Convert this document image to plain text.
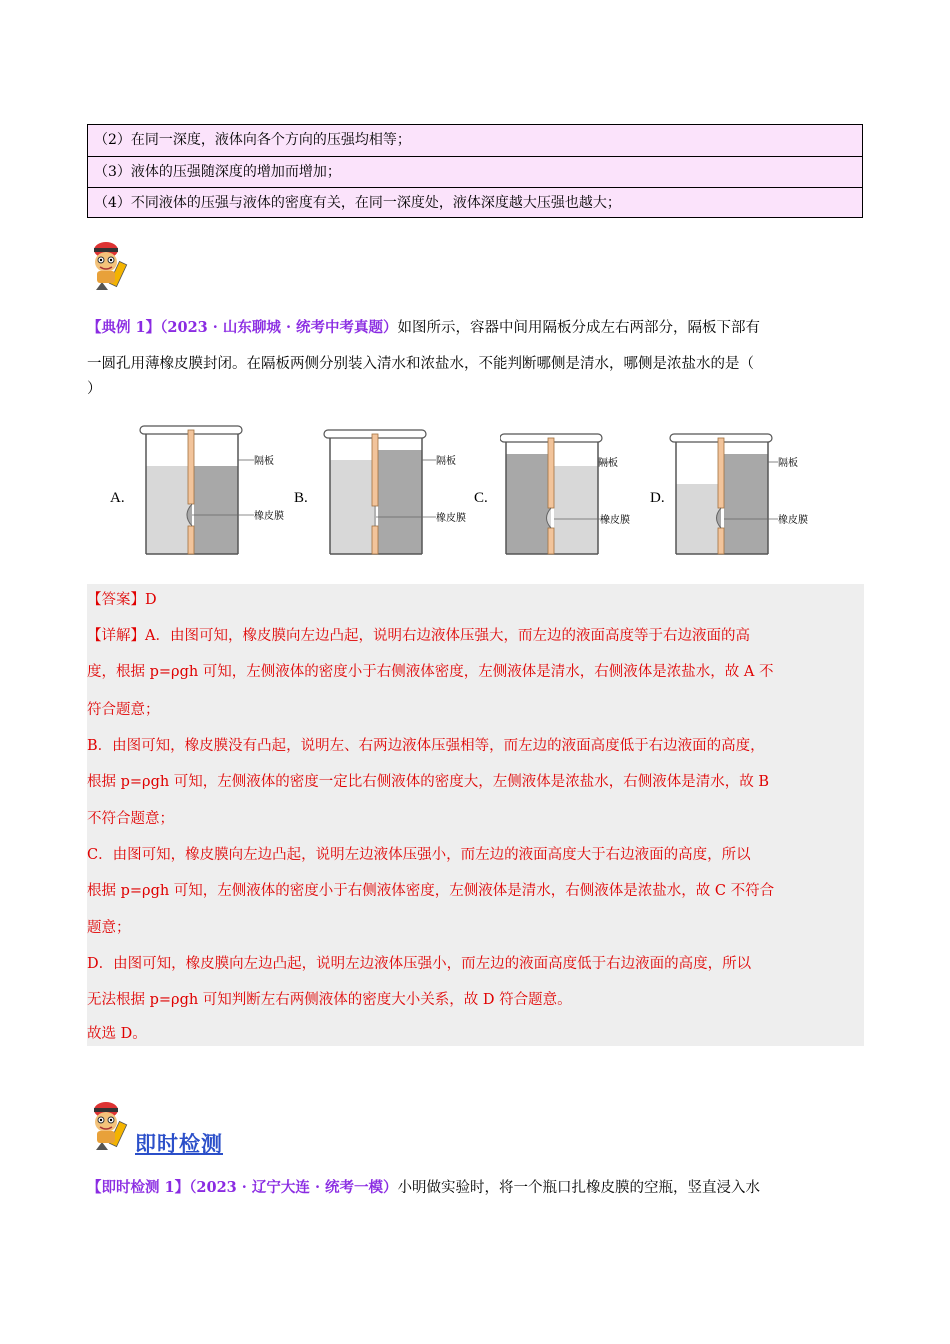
（2）在同一深度，液体向各个方向的压强均相等；
（3）液体的压强随深度的增加而增加；
（4）不同液体的压强与液体的密度有关，在同一深度处，液体深度越大压强也越大；
【典例 1】（2023 · 山东聊城 · 统考中考真题）如图所示，容器中间用隔板分成左右两部分，隔板下部有
一圆孔用薄橡皮膜封闭。在隔板两侧分别装入清水和浓盐水，不能判断哪侧是清水，哪侧是浓盐水的是（
）
A.
隔板
橡皮膜
B.
隔板
橡皮膜
C.
隔板
橡皮膜
D.
隔板
橡皮膜
【答案】D
【详解】A．由图可知，橡皮膜向左边凸起，说明右边液体压强大，而左边的液面高度等于右边液面的高
度，根据 p=ρgh 可知，左侧液体的密度小于右侧液体密度，左侧液体是清水，右侧液体是浓盐水，故 A 不
符合题意；
B．由图可知，橡皮膜没有凸起，说明左、右两边液体压强相等，而左边的液面高度低于右边液面的高度，
根据 p=ρgh 可知，左侧液体的密度一定比右侧液体的密度大，左侧液体是浓盐水，右侧液体是清水，故 B
不符合题意；
C．由图可知，橡皮膜向左边凸起，说明左边液体压强小，而左边的液面高度大于右边液面的高度，所以
根据 p=ρgh 可知，左侧液体的密度小于右侧液体密度，左侧液体是清水，右侧液体是浓盐水，故 C 不符合
题意；
D．由图可知，橡皮膜向左边凸起，说明左边液体压强小，而左边的液面高度低于右边液面的高度，所以
无法根据 p=ρgh 可知判断左右两侧液体的密度大小关系，故 D 符合题意。
故选 D。
即时检测
【即时检测 1】（2023 · 辽宁大连 · 统考一模）小明做实验时，将一个瓶口扎橡皮膜的空瓶，竖直浸入水
